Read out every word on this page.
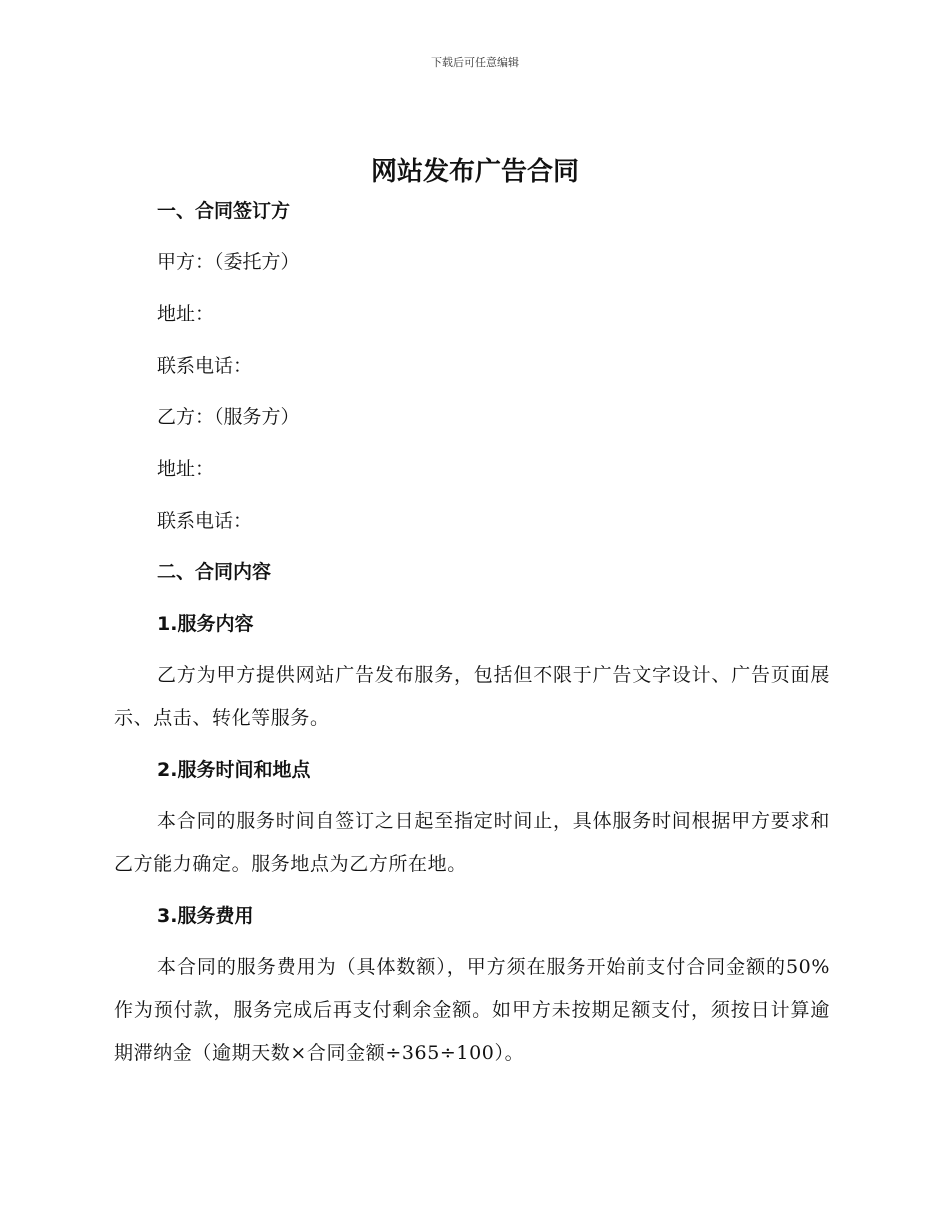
下载后可任意编辑
网站发布广告合同

一、合同签订方

甲方：（委托方）

地址：

联系电话：

乙方：（服务方）

地址：

联系电话：

二、合同内容

1.服务内容

乙方为甲方提供网站广告发布服务，包括但不限于广告文字设计、广告页面展示、点击、转化等服务。

2.服务时间和地点

本合同的服务时间自签订之日起至指定时间止，具体服务时间根据甲方要求和乙方能力确定。服务地点为乙方所在地。

3.服务费用

本合同的服务费用为（具体数额），甲方须在服务开始前支付合同金额的50%作为预付款，服务完成后再支付剩余金额。如甲方未按期足额支付，须按日计算逾期滞纳金（逾期天数×合同金额÷365÷100）。
